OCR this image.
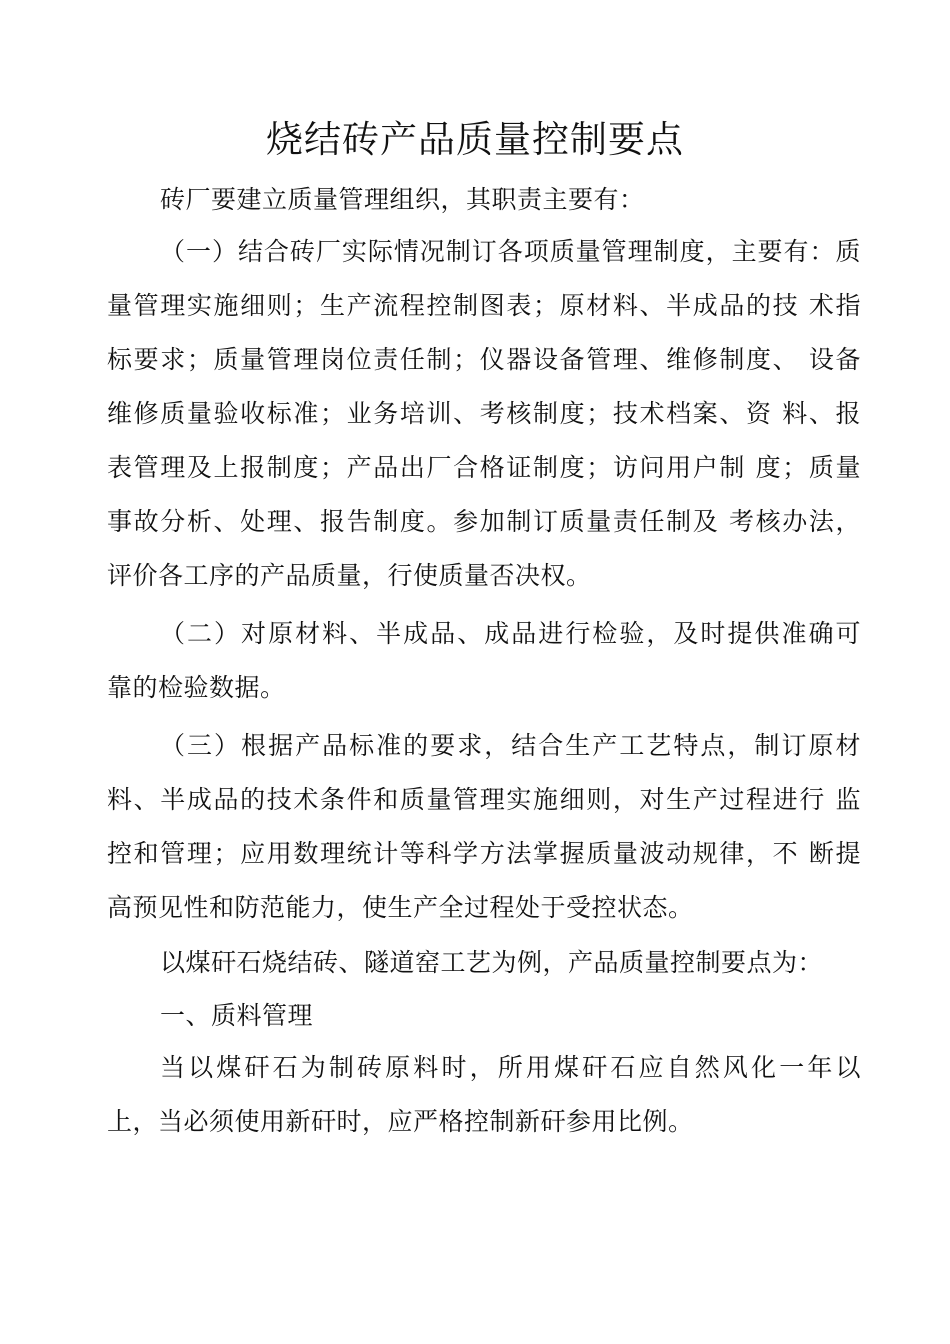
烧结砖产品质量控制要点
砖厂要建立质量管理组织，其职责主要有：
（一）结合砖厂实际情况制订各项质量管理制度，主要有：质
量管理实施细则；生产流程控制图表；原材料、半成品的技 术指
标要求；质量管理岗位责任制；仪器设备管理、维修制度、 设备
维修质量验收标准；业务培训、考核制度；技术档案、资 料、报
表管理及上报制度；产品出厂合格证制度；访问用户制 度；质量
事故分析、处理、报告制度。参加制订质量责任制及 考核办法，
评价各工序的产品质量，行使质量否决权。
（二）对原材料、半成品、成品进行检验，及时提供准确可
靠的检验数据。
（三）根据产品标准的要求，结合生产工艺特点，制订原材
料、半成品的技术条件和质量管理实施细则，对生产过程进行 监
控和管理；应用数理统计等科学方法掌握质量波动规律，不 断提
高预见性和防范能力，使生产全过程处于受控状态。
以煤矸石烧结砖、隧道窑工艺为例，产品质量控制要点为：
一、质料管理
当以煤矸石为制砖原料时，所用煤矸石应自然风化一年以
上，当必须使用新矸时，应严格控制新矸参用比例。
